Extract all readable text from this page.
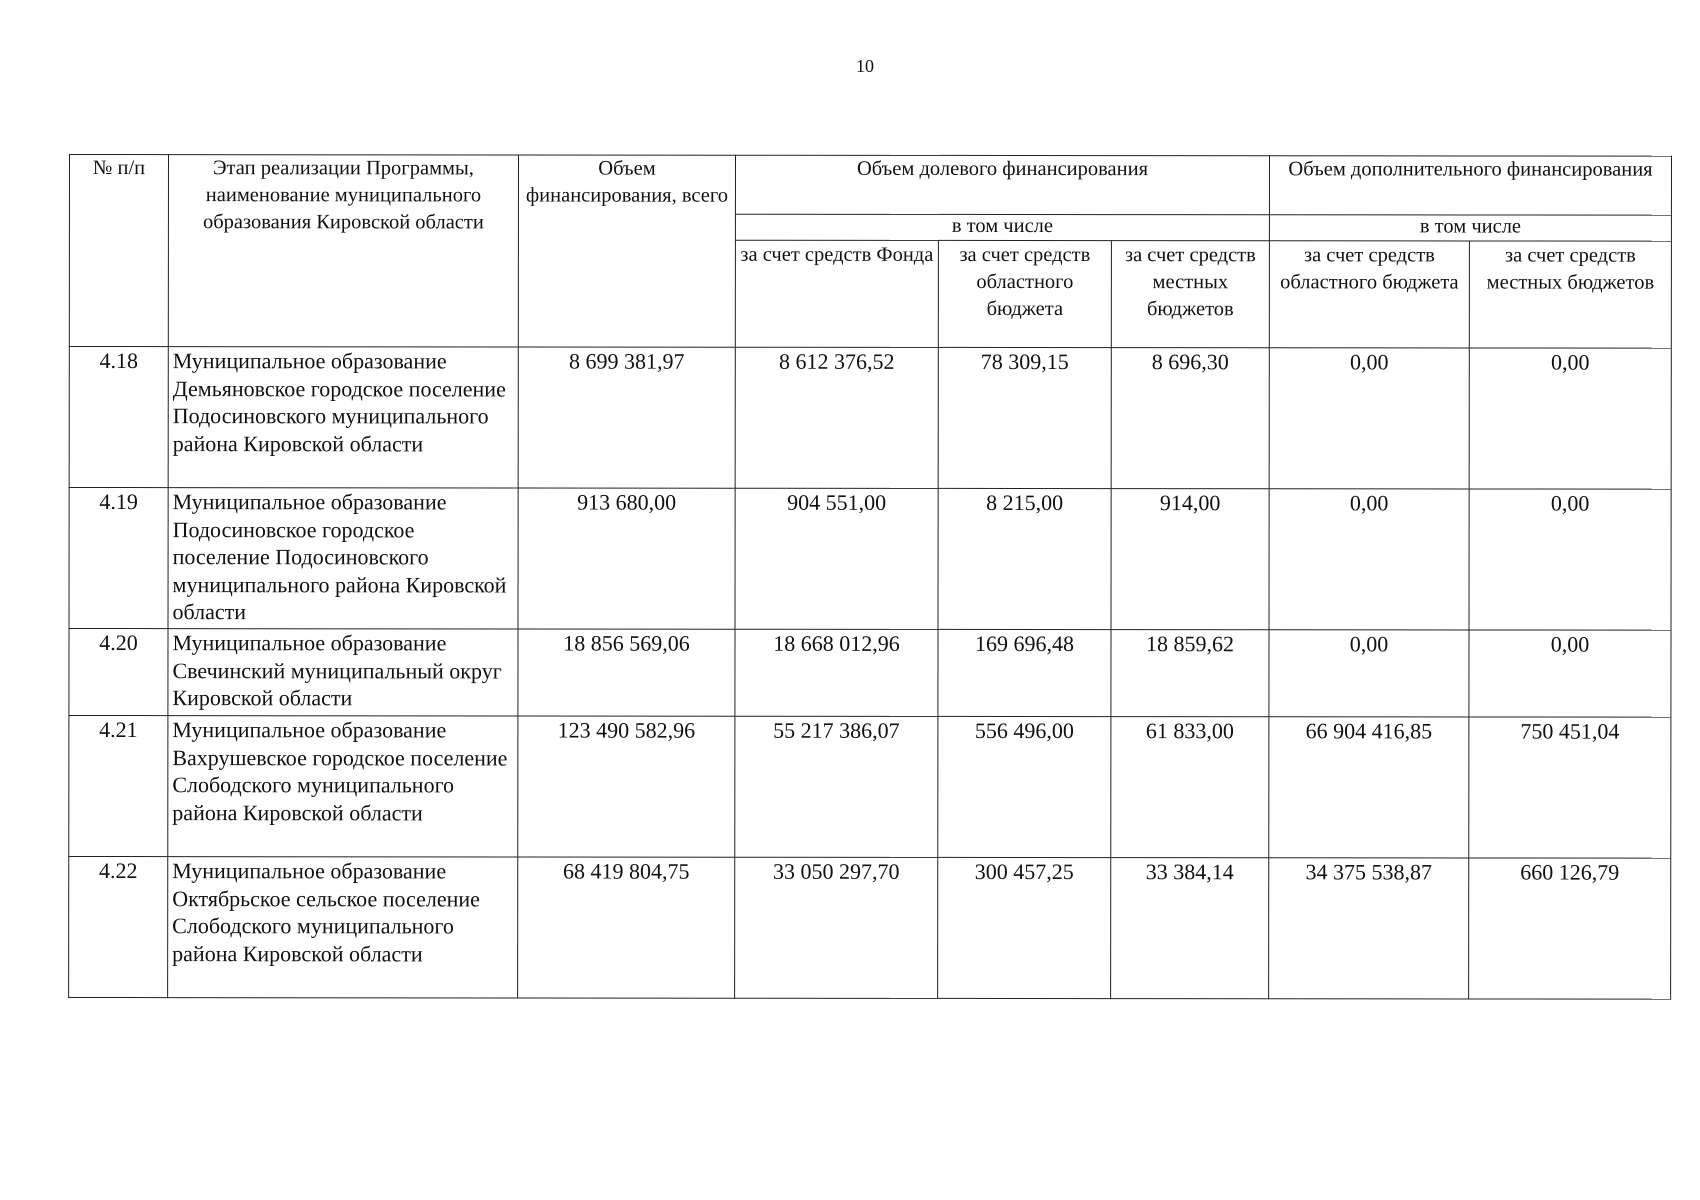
10
№ п/п	Этап реализации Программы, наименование муниципального образования Кировской области	Объем финансирования, всего	Объем долевого финансирования			Объем дополнительного финансирования	
			в том числе			в том числе	
			за счет средств Фонда	за счет средств областного бюджета	за счет средств местных бюджетов	за счет средств областного бюджета	за счет средств местных бюджетов
4.18	Муниципальное образование Демьяновское городское поселение Подосиновского муниципального района Кировской области	8 699 381,97	8 612 376,52	78 309,15	8 696,30	0,00	0,00
4.19	Муниципальное образование Подосиновское городское поселение Подосиновского муниципального района Кировской области	913 680,00	904 551,00	8 215,00	914,00	0,00	0,00
4.20	Муниципальное образование Свечинский муниципальный округ Кировской области	18 856 569,06	18 668 012,96	169 696,48	18 859,62	0,00	0,00
4.21	Муниципальное образование Вахрушевское городское поселение Слободского муниципального района Кировской области	123 490 582,96	55 217 386,07	556 496,00	61 833,00	66 904 416,85	750 451,04
4.22	Муниципальное образование Октябрьское сельское поселение Слободского муниципального района Кировской области	68 419 804,75	33 050 297,70	300 457,25	33 384,14	34 375 538,87	660 126,79
